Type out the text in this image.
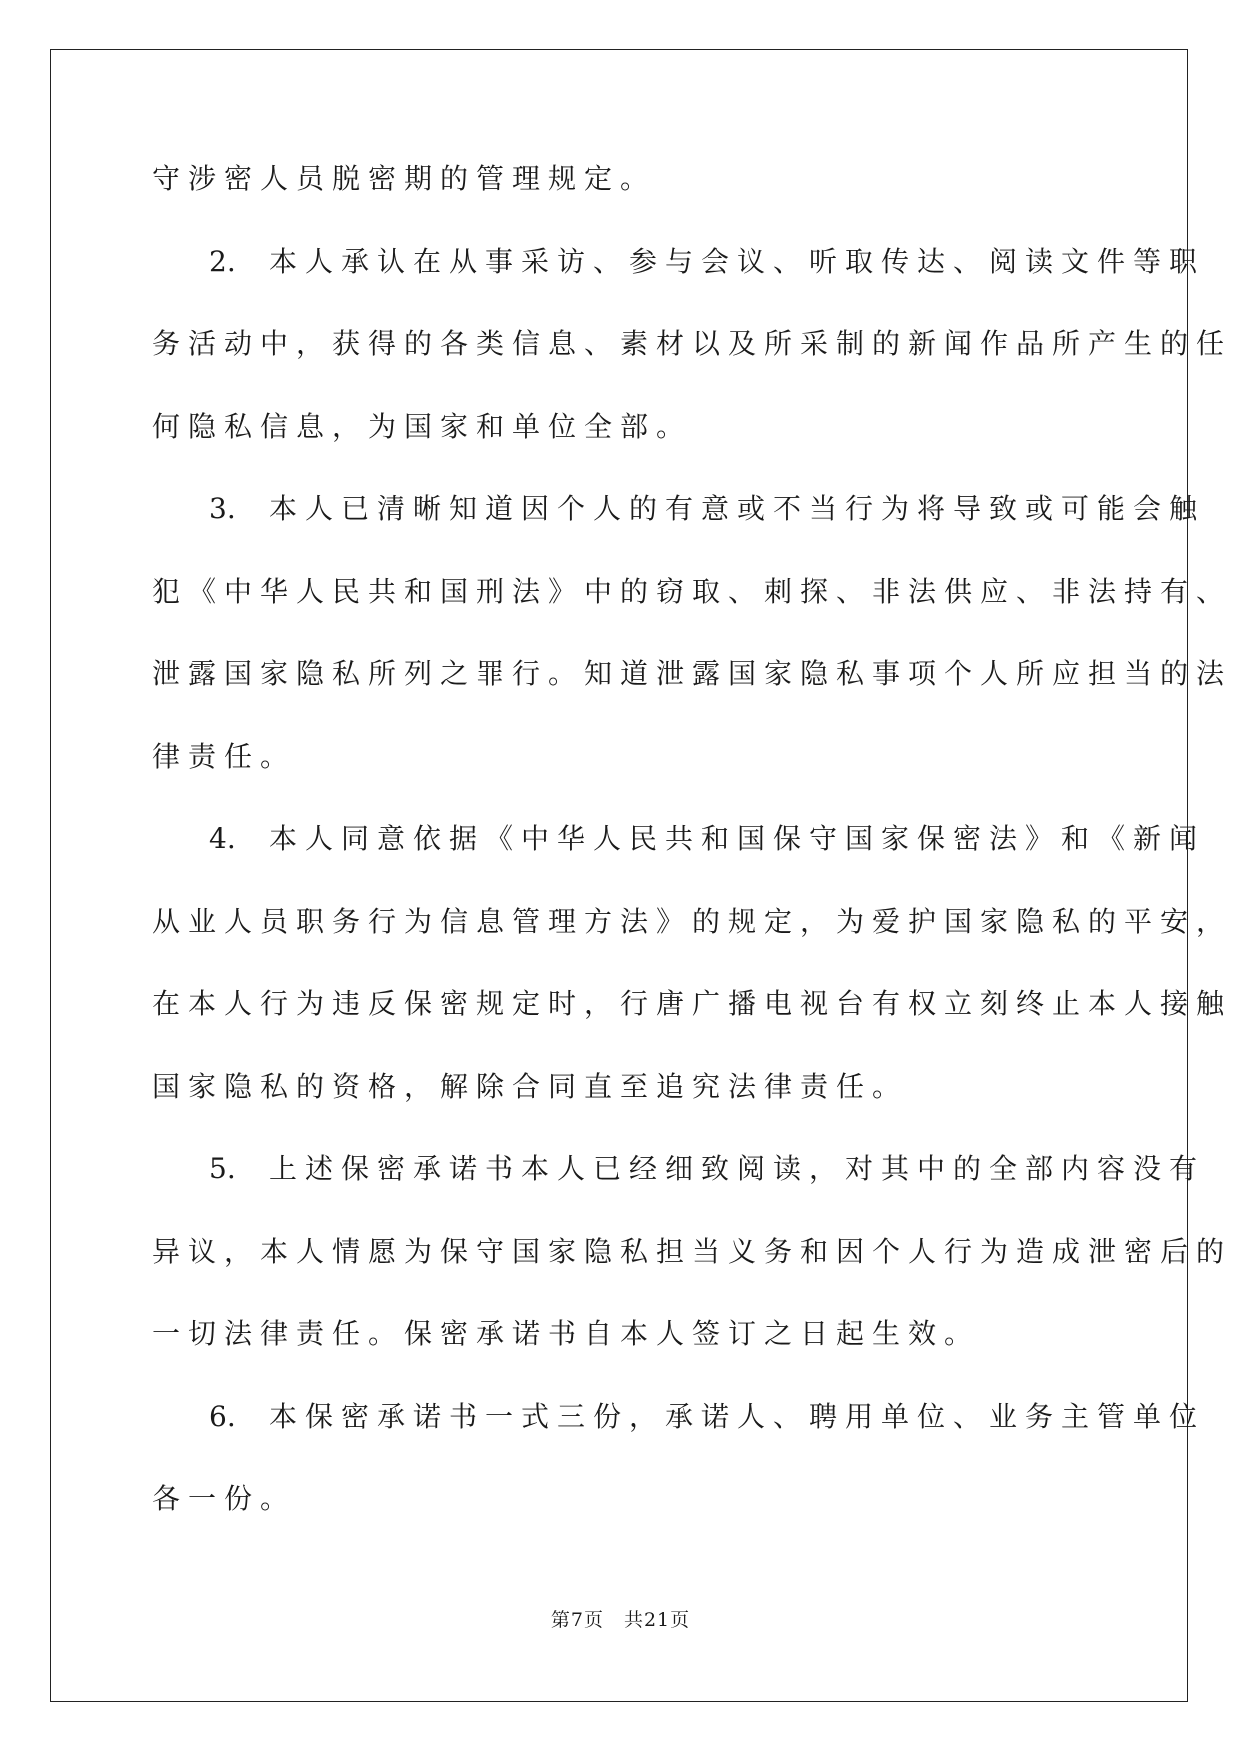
守涉密人员脱密期的管理规定。
2. 本人承认在从事采访、参与会议、听取传达、阅读文件等职
务活动中，获得的各类信息、素材以及所采制的新闻作品所产生的任
何隐私信息，为国家和单位全部。
3. 本人已清晰知道因个人的有意或不当行为将导致或可能会触
犯《中华人民共和国刑法》中的窃取、刺探、非法供应、非法持有、
泄露国家隐私所列之罪行。知道泄露国家隐私事项个人所应担当的法
律责任。
4. 本人同意依据《中华人民共和国保守国家保密法》和《新闻
从业人员职务行为信息管理方法》的规定，为爱护国家隐私的平安，
在本人行为违反保密规定时，行唐广播电视台有权立刻终止本人接触
国家隐私的资格，解除合同直至追究法律责任。
5. 上述保密承诺书本人已经细致阅读，对其中的全部内容没有
异议，本人情愿为保守国家隐私担当义务和因个人行为造成泄密后的
一切法律责任。保密承诺书自本人签订之日起生效。
6. 本保密承诺书一式三份，承诺人、聘用单位、业务主管单位
各一份。
第7页　共21页
